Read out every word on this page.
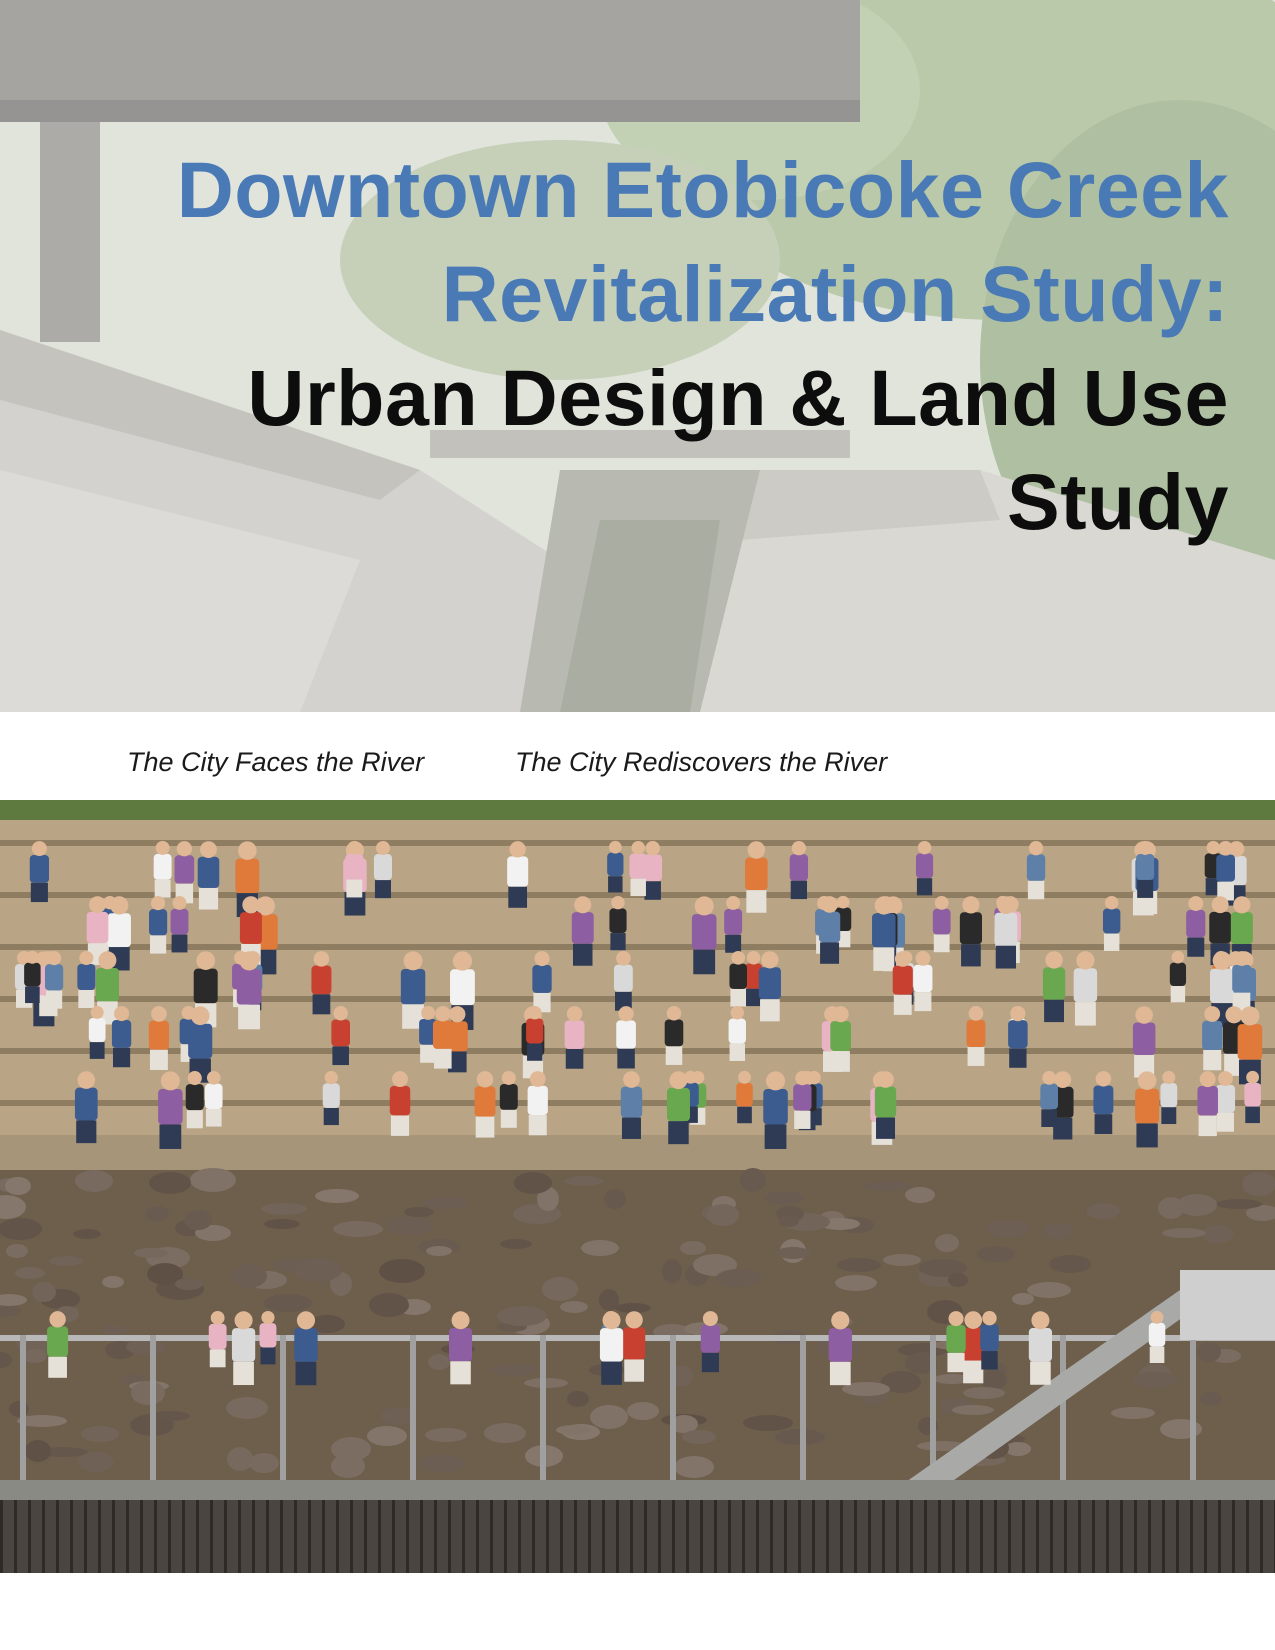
Downtown Etobicoke Creek
Revitalization Study:
Urban Design & Land Use
Study
The City Faces the River	The City Rediscovers the River
